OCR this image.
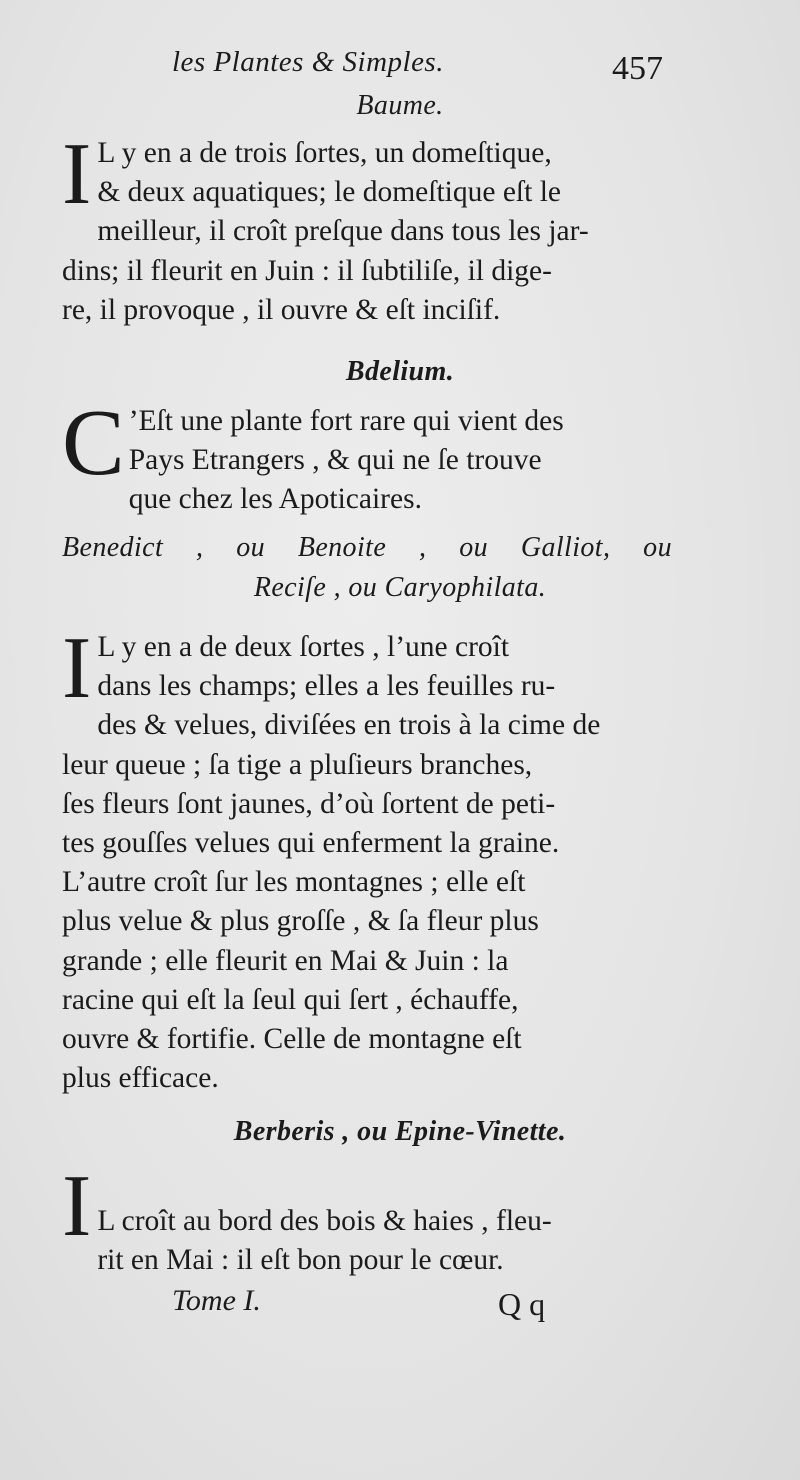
les Plantes & Simples.	457
Baume.
I L y en a de trois ſortes, un domeſtique,
& deux aquatiques; le domeſtique eſt le
meilleur, il croît preſque dans tous les jar-
dins; il fleurit en Juin : il ſubtiliſe, il dige-
re, il provoque , il ouvre & eſt inciſif.
Bdelium.
C ’Eſt une plante fort rare qui vient des
Pays Etrangers , & qui ne ſe trouve
que chez les Apoticaires.
Benedict , ou Benoite , ou Galliot, ou
Reciſe , ou Caryophilata.
I L y en a de deux ſortes , l’une croît
dans les champs; elles a les feuilles ru-
des & velues, diviſées en trois à la cime de
leur queue ; ſa tige a pluſieurs branches,
ſes fleurs ſont jaunes, d’où ſortent de peti-
tes gouſſes velues qui enferment la graine.
L’autre croît ſur les montagnes ; elle eſt
plus velue & plus groſſe , & ſa fleur plus
grande ; elle fleurit en Mai & Juin : la
racine qui eſt la ſeul qui ſert , échauffe,
ouvre & fortifie. Celle de montagne eſt
plus efficace.
Berberis , ou Epine-Vinette.
I L croît au bord des bois & haies , fleu-
rit en Mai : il eſt bon pour le cœur.
Tome I.	Q q
